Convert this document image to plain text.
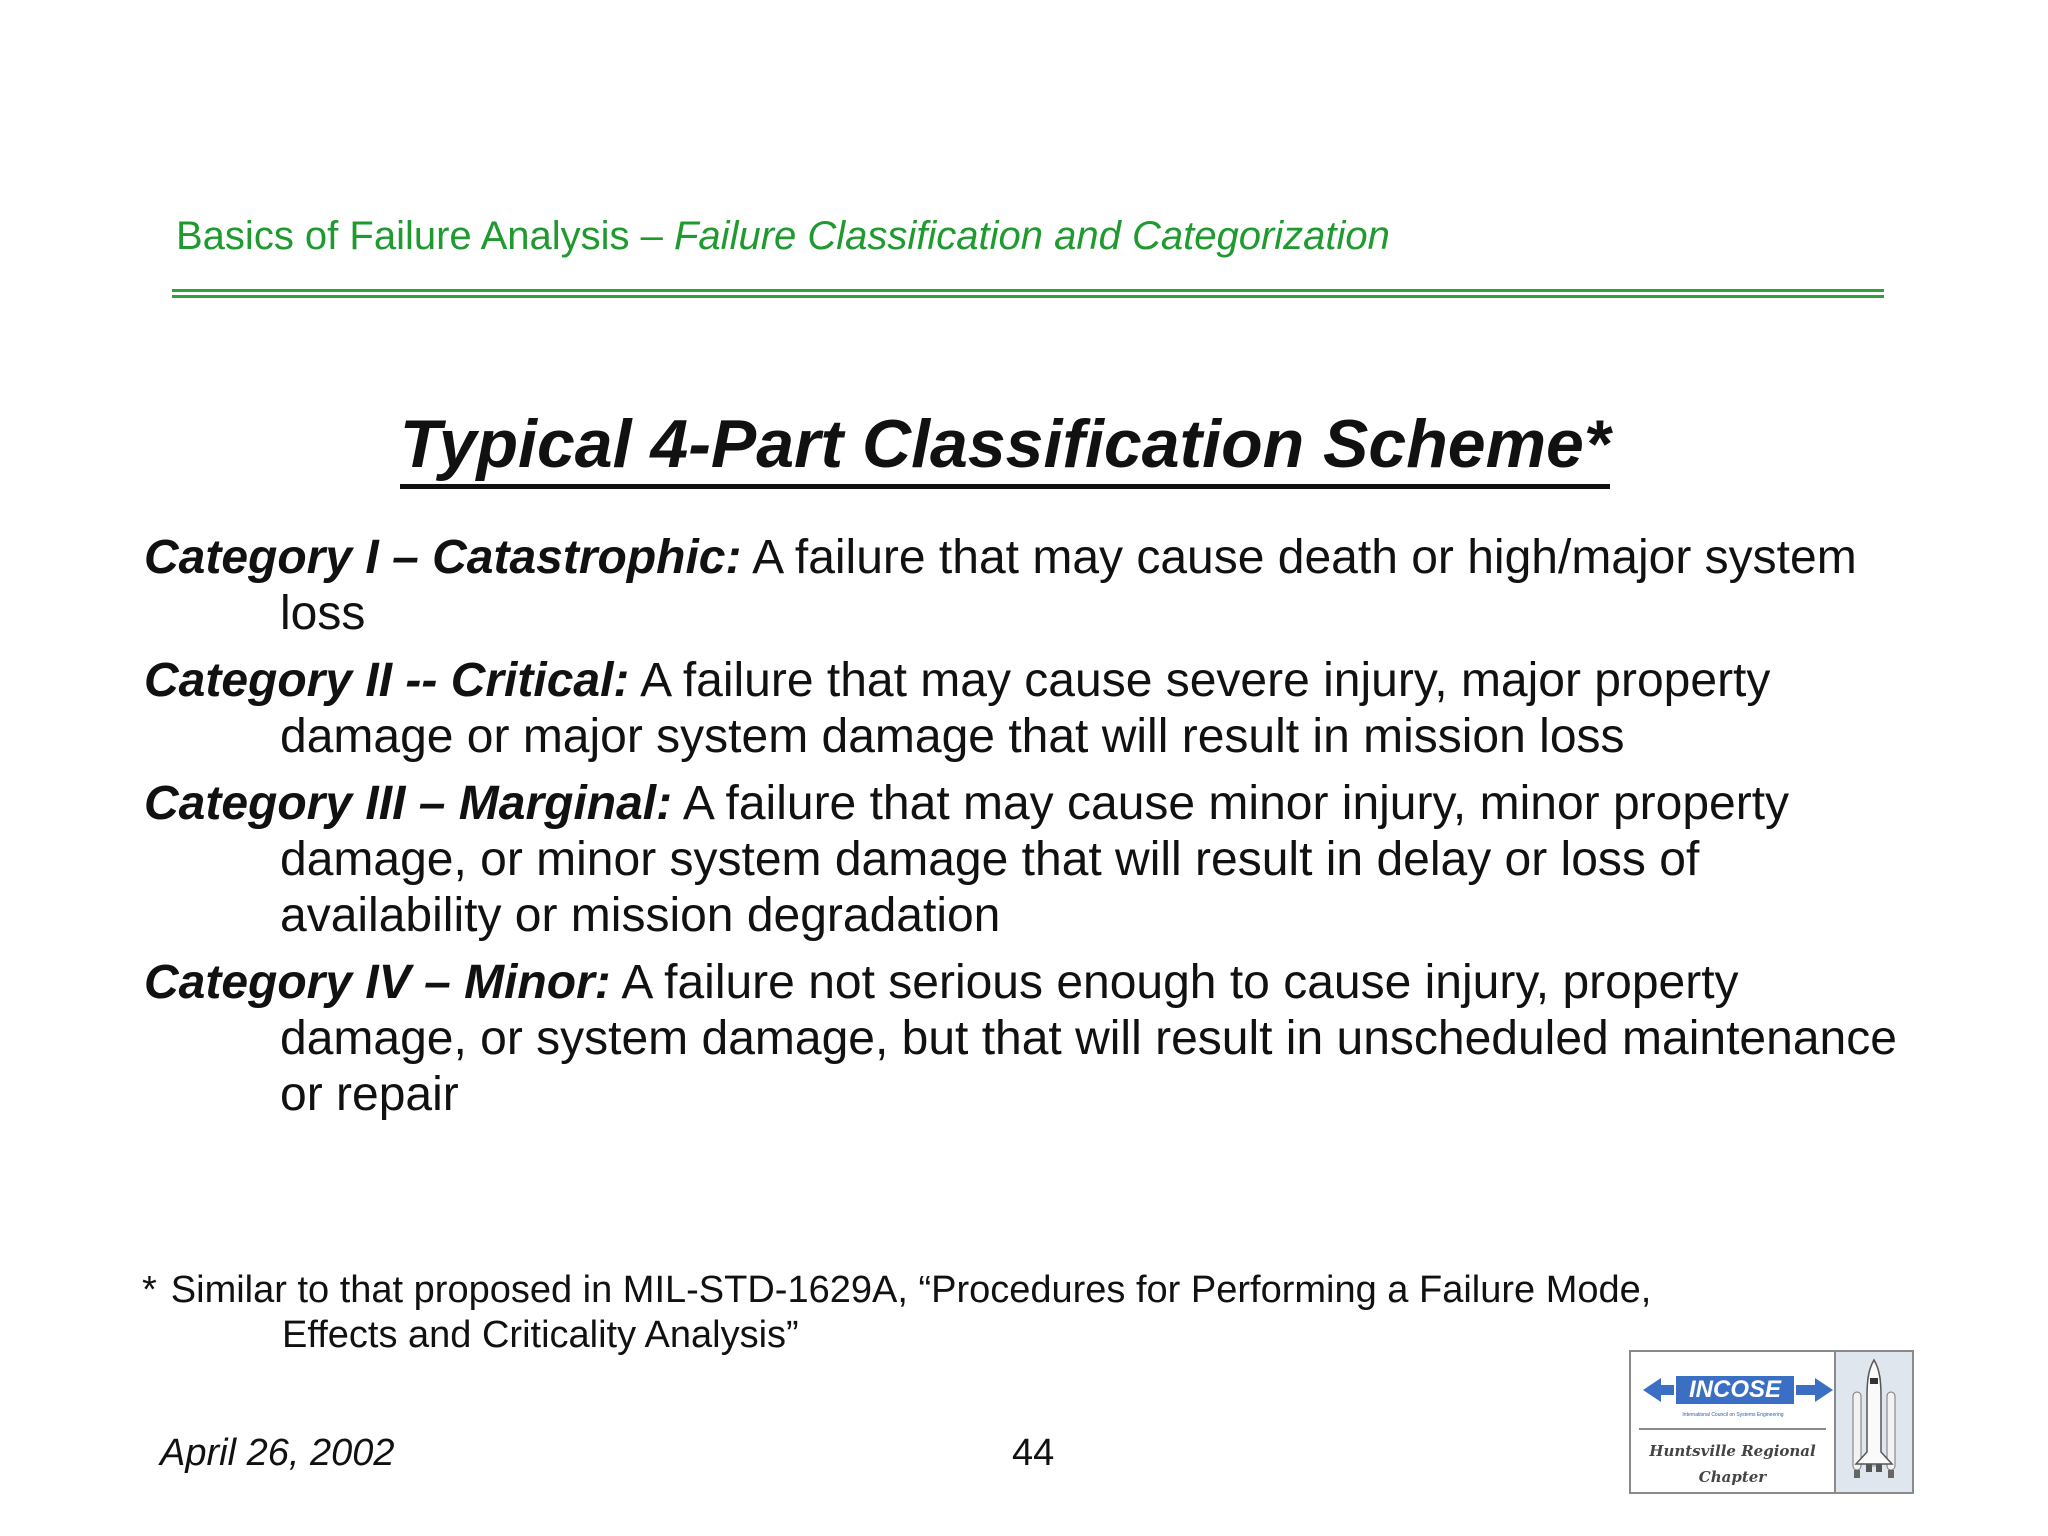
Basics of Failure Analysis – Failure Classification and Categorization
Typical 4-Part Classification Scheme*
Category I – Catastrophic: A failure that may cause death or high/major system loss
Category II -- Critical: A failure that may cause severe injury, major property damage or major system damage that will result in mission loss
Category III – Marginal: A failure that may cause minor injury, minor property damage, or minor system damage that will result in delay or loss of availability or mission degradation
Category IV – Minor: A failure not serious enough to cause injury, property damage, or system damage, but that will result in unscheduled maintenance or repair
* Similar to that proposed in MIL-STD-1629A, “Procedures for Performing a Failure Mode,
Effects and Criticality Analysis”
April 26, 2002	44
INCOSE
International Council on Systems Engineering
Huntsville Regional
Chapter
